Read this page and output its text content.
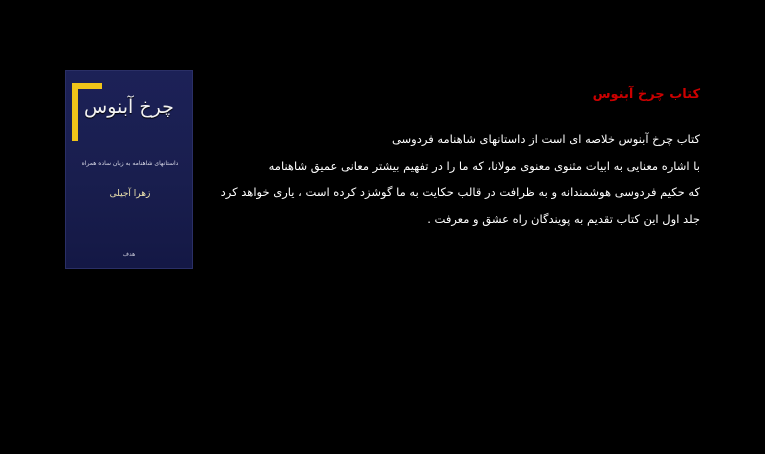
چرخ آبنوس
داستانهای شاهنامه به زبان ساده همراه
زهرا آجیلی
هدف
کتاب چرخ آبنوس

کتاب چرخ آبنوس خلاصه ای است از داستانهای شاهنامه فردوسی

با اشاره معنایی به ابیات مثنوی معنوی مولانا، که ما را در تفهیم بیشتر معانی عمیق شاهنامه

که حکیم فردوسی هوشمندانه و به ظرافت در قالب حکایت به ما گوشزد کرده است ، یاری خواهد کرد

جلد اول این کتاب تقدیم به پویندگان راه عشق و معرفت .
